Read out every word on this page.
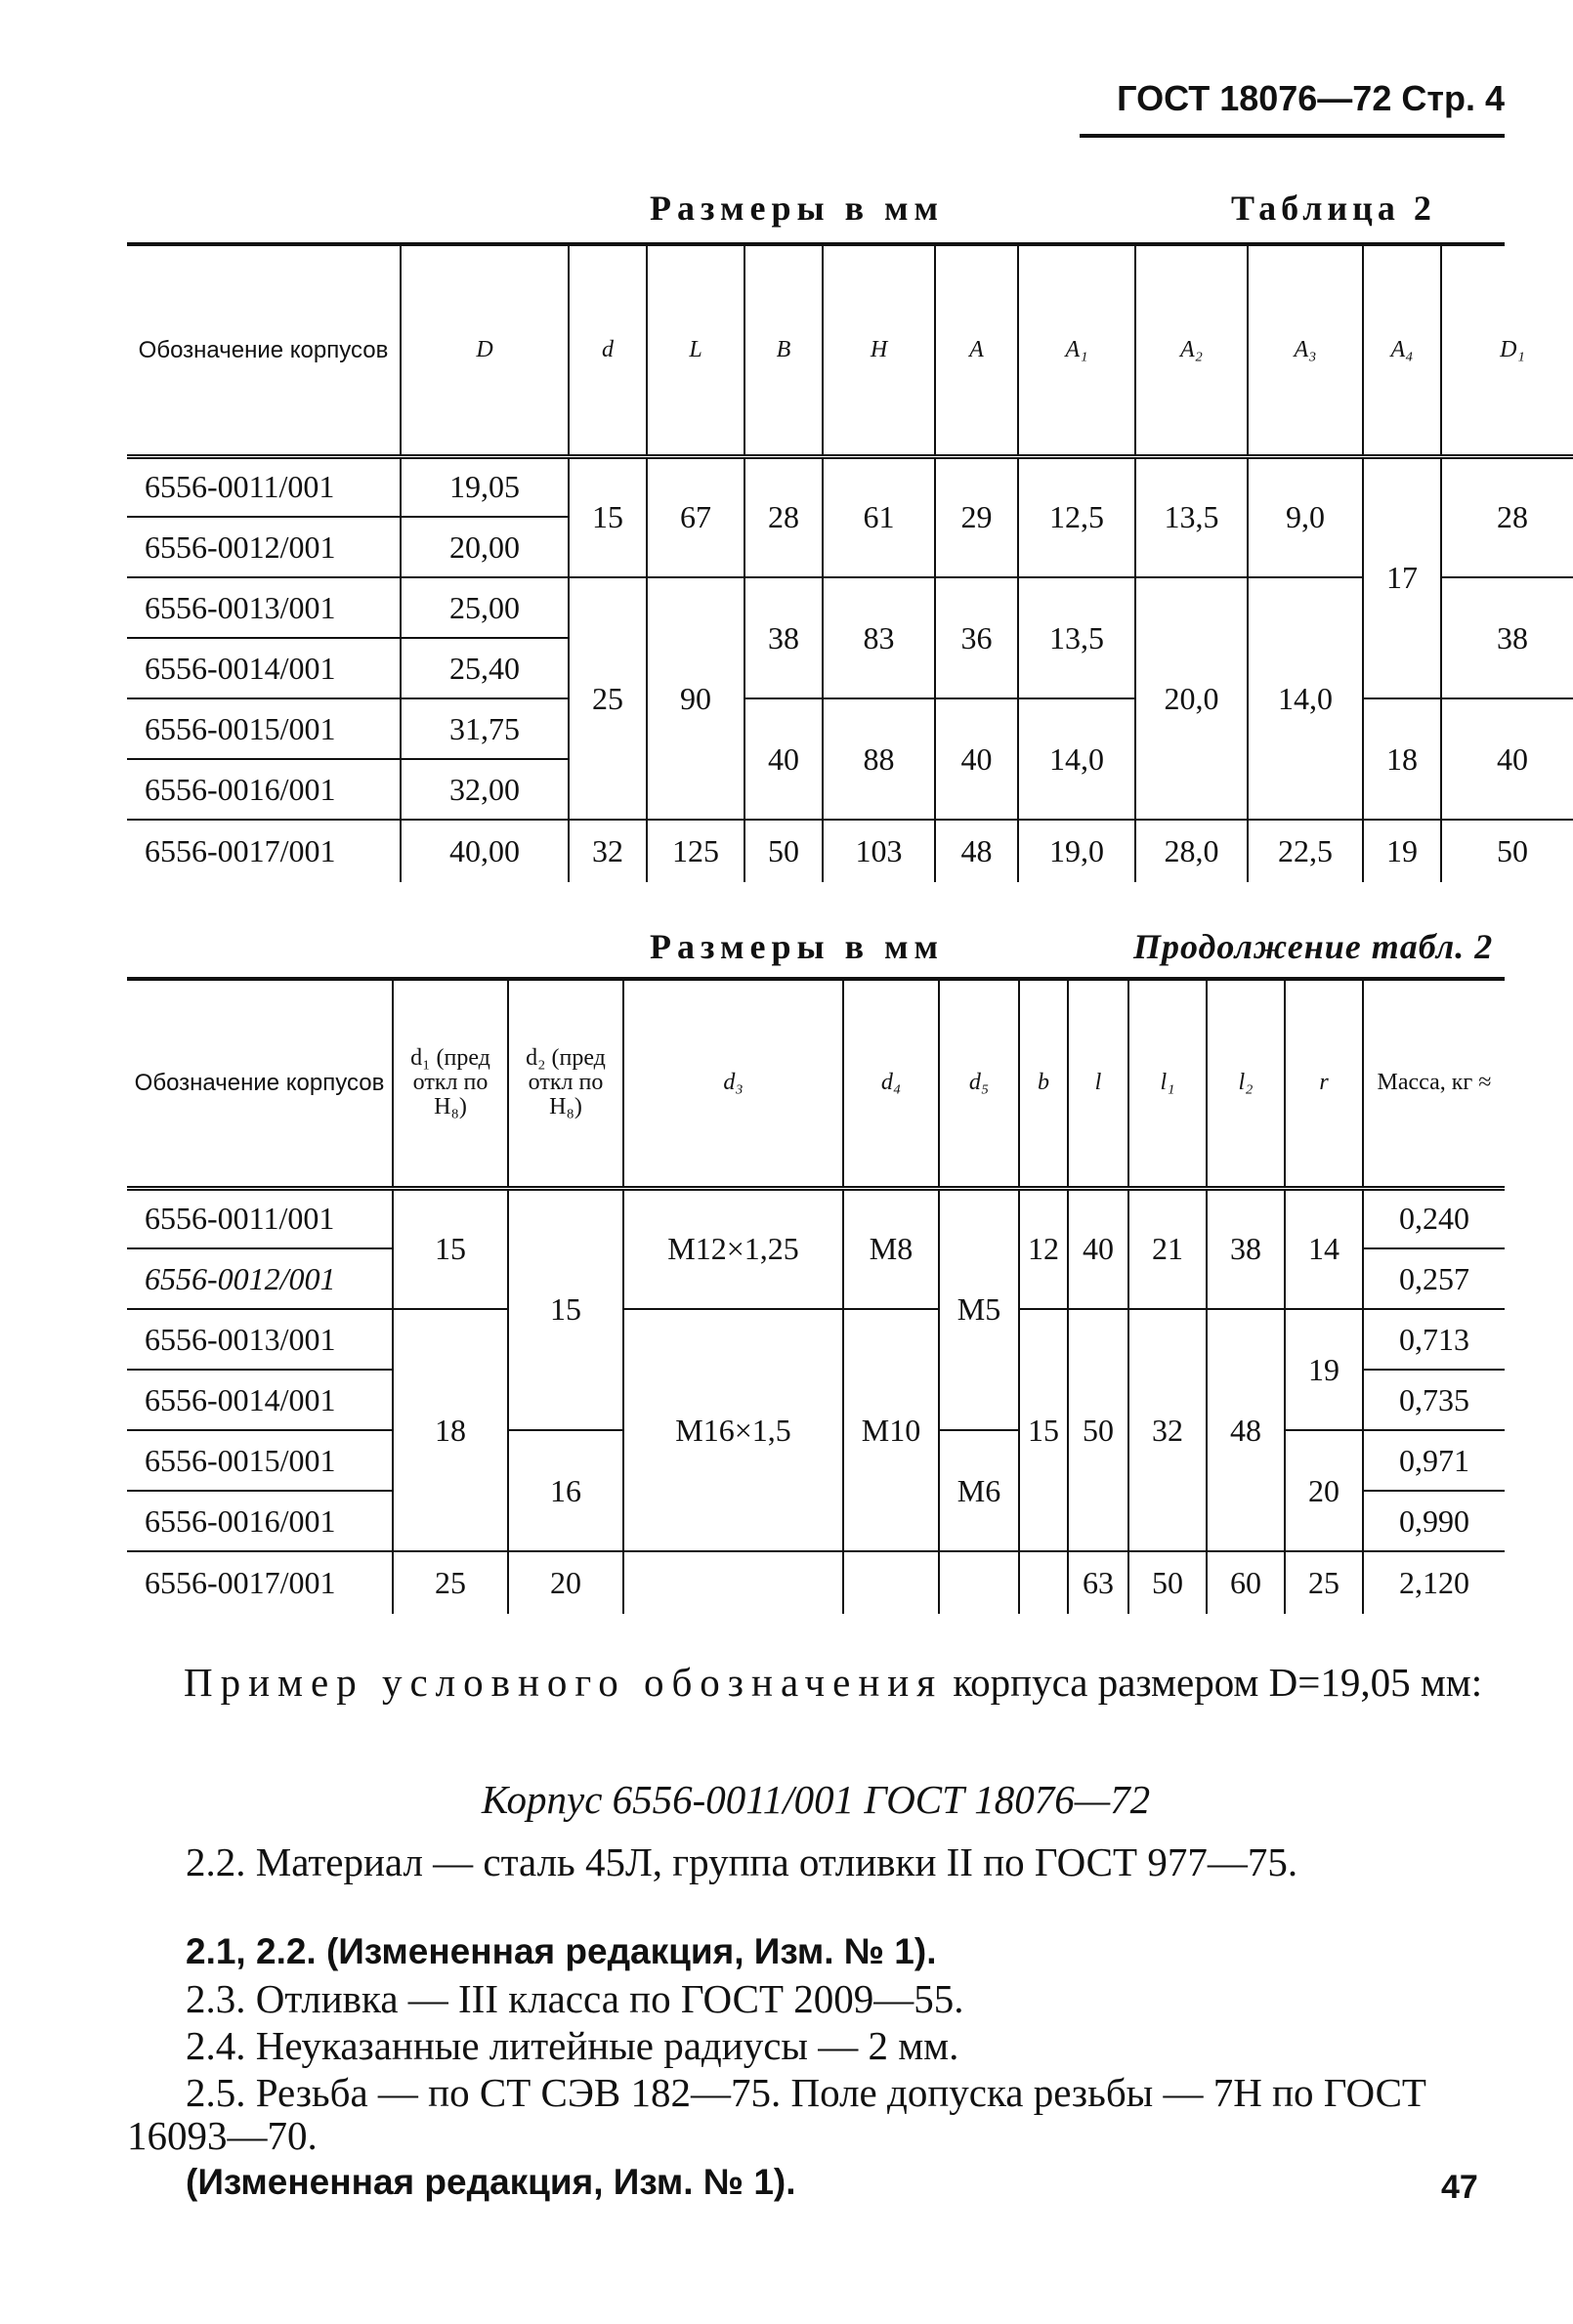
ГОСТ 18076—72 Стр. 4
Размеры в мм	Таблица 2
Обозначение корпусов	D	d	L	B	H	A	A₁	A₂	A₃	A₄	D₁
6556-0011/001	19,05	15	67	28	61	29	12,5	13,5	9,0	17	28
6556-0012/001	20,00										
6556-0013/001	25,00	25	90	38	83	36	13,5	20,0	14,0		38
6556-0014/001	25,40										
6556-0015/001	31,75			40	88	40	14,0			18	40
6556-0016/001	32,00										
6556-0017/001	40,00	32	125	50	103	48	19,0	28,0	22,5	19	50
Размеры в мм	Продолжение табл. 2
Обозначение корпусов	d₁ (пред откл по H₈)	d₂ (пред откл по H₈)	d₃	d₄	d₅	b	l	l₁	l₂	r	Масса, кг ≈
6556-0011/001	15	15	M12×1,25	M8	M5	12	40	21	38	14	0,240
6556-0012/001											0,257
6556-0013/001	18		M16×1,5	M10		15	50	32	48	19	0,713
6556-0014/001											0,735
6556-0015/001		16			M6					20	0,971
6556-0016/001											0,990
6556-0017/001	25	20					63	50	60	25	2,120
Пример условного обозначения корпуса размером D=19,05 мм:
Корпус 6556-0011/001 ГОСТ 18076—72
2.2. Материал — сталь 45Л, группа отливки II по ГОСТ 977—75.
2.1, 2.2. (Измененная редакция, Изм. № 1).
2.3. Отливка — III класса по ГОСТ 2009—55.
2.4. Неуказанные литейные радиусы — 2 мм.
2.5. Резьба — по СТ СЭВ 182—75. Поле допуска резьбы — 7H по ГОСТ 16093—70.
(Измененная редакция, Изм. № 1).	47
